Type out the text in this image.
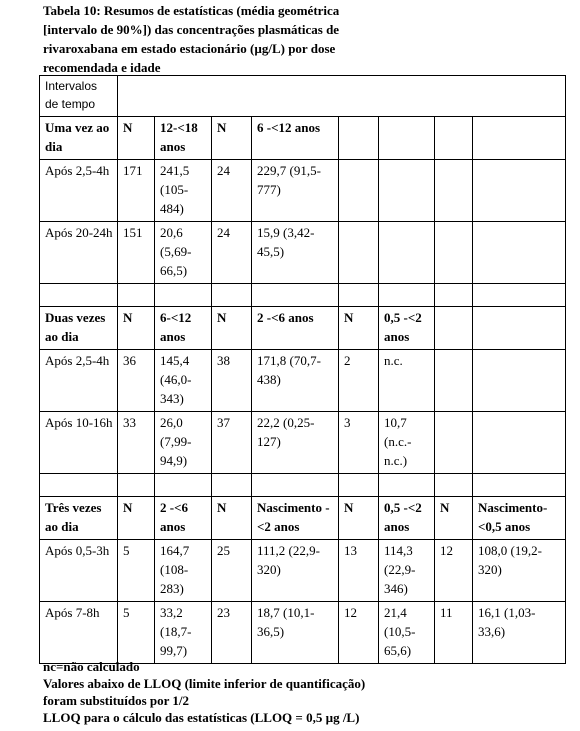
Tabela 10: Resumos de estatísticas (média geométrica
[intervalo de 90%]) das concentrações plasmáticas de
rivaroxabana em estado estacionário (µg/L) por dose
recomendada e idade
Intervalos
de tempo								
Uma vez ao dia	N	12-<18 anos	N	6 -<12 anos				
Após 2,5-4h	171	241,5 (105-484)	24	229,7 (91,5-777)				
Após 20-24h	151	20,6 (5,69-66,5)	24	15,9 (3,42-45,5)				

Duas vezes ao dia	N	6-<12 anos	N	2 -<6 anos	N	0,5 -<2 anos		
Após 2,5-4h	36	145,4 (46,0-343)	38	171,8 (70,7-438)	2	n.c.		
Após 10-16h	33	26,0 (7,99-94,9)	37	22,2 (0,25-127)	3	10,7 (n.c.-n.c.)		

Três vezes ao dia	N	2 -<6 anos	N	Nascimento -<2 anos	N	0,5 -<2 anos	N	Nascimento-<0,5 anos
Após 0,5-3h	5	164,7 (108-283)	25	111,2 (22,9-320)	13	114,3 (22,9-346)	12	108,0 (19,2-320)
Após 7-8h	5	33,2 (18,7-99,7)	23	18,7 (10,1-36,5)	12	21,4 (10,5-65,6)	11	16,1 (1,03-33,6)

nc=não calculado

Valores abaixo de LLOQ (limite inferior de quantificação)

foram substituídos por 1/2

LLOQ para o cálculo das estatísticas (LLOQ = 0,5 µg /L)
